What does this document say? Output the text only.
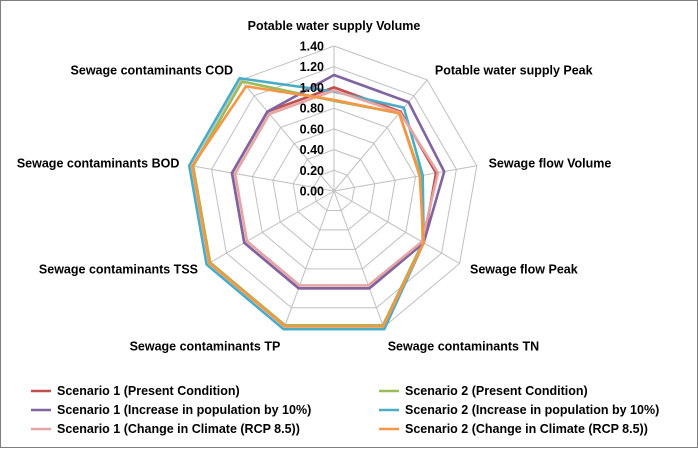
0.00
0.20
0.40
0.60
0.80
1.00
1.20
1.40
Potable water supply Volume
Potable water supply Peak
Sewage flow Volume
Sewage flow Peak
Sewage contaminants TN
Sewage contaminants TP
Sewage contaminants TSS
Sewage contaminants BOD
Sewage contaminants COD
Scenario 1 (Present Condition)	Scenario 2 (Present Condition)
Scenario 1 (Increase in population by 10%)	Scenario 2 (Increase in population by 10%)
Scenario 1 (Change in Climate (RCP 8.5))	Scenario 2 (Change in Climate (RCP 8.5))
